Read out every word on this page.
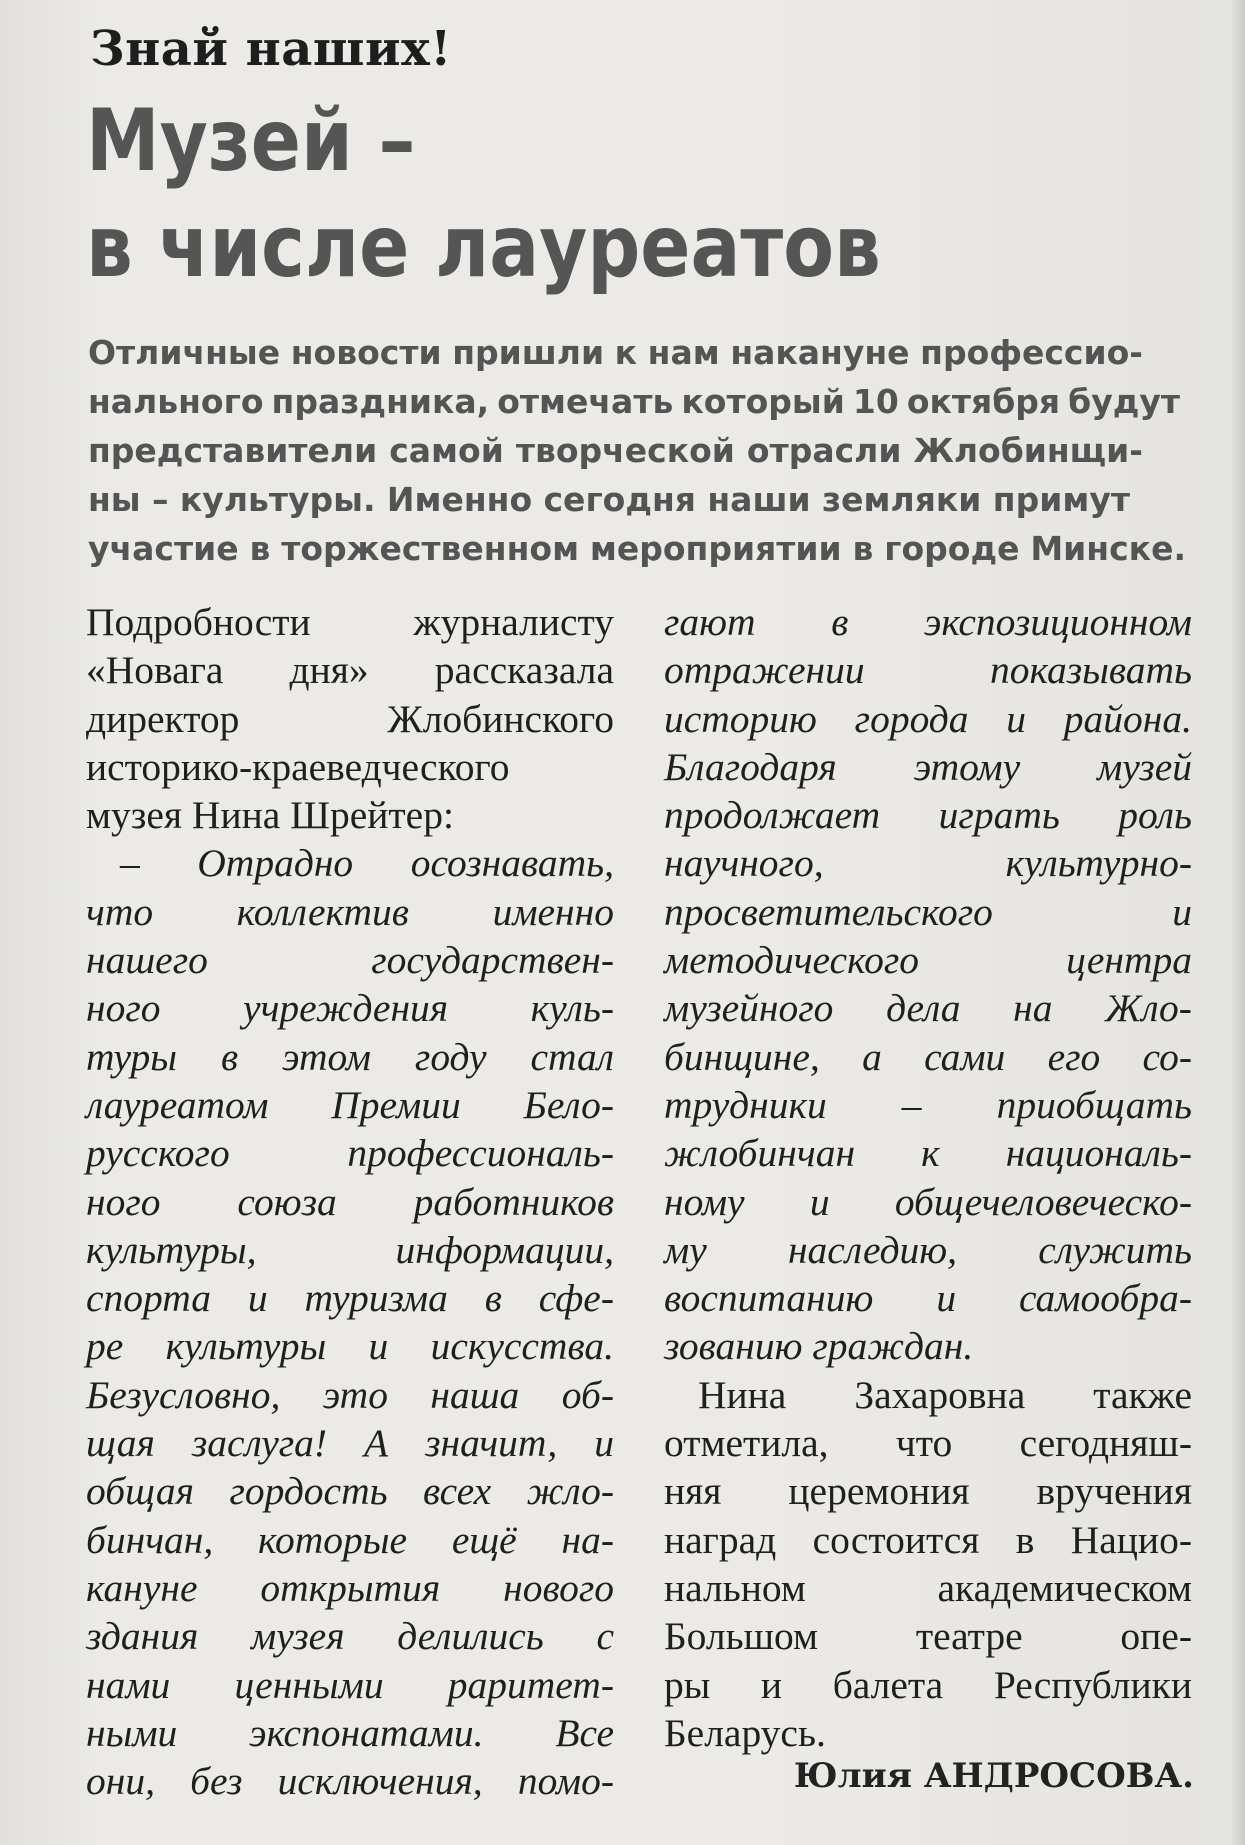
Знай наших!
Музей –
в числе лауреатов
Отличные новости пришли к нам накануне профессио-
нального праздника, отмечать который 10 октября будут
представители самой творческой отрасли Жлобинщи-
ны – культуры. Именно сегодня наши земляки примут
участие в торжественном мероприятии в городе Минске.
Подробности	журналисту
«Новага дня» рассказала
директор	Жлобинского
историко-краеведческого
музея Нина Шрейтер:
– Отрадно осознавать,
что коллектив именно
нашего	государствен-
ного учреждения куль-
туры в этом году стал
лауреатом Премии Бело-
русского	профессиональ-
ного союза работников
культуры,	информации,
спорта и туризма в сфе-
ре культуры и искусства.
Безусловно, это наша об-
щая заслуга! А значит, и
общая гордость всех жло-
бинчан, которые ещё на-
кануне открытия нового
здания музея делились с
нами ценными раритет-
ными экспонатами. Все
они, без исключения, помо-
гают в экспозиционном
отражении	показывать
историю города и района.
Благодаря этому музей
продолжает играть роль
научного,	культурно-
просветительского	и
методического	центра
музейного дела на Жло-
бинщине, а сами его со-
трудники – приобщать
жлобинчан к националь-
ному и общечеловеческо-
му наследию, служить
воспитанию и самообра-
зованию граждан.
Нина Захаровна также
отметила, что сегодняш-
няя церемония вручения
наград состоится в Нацио-
нальном	академическом
Большом театре опе-
ры и балета Республики
Беларусь.
Юлия АНДРОСОВА.
